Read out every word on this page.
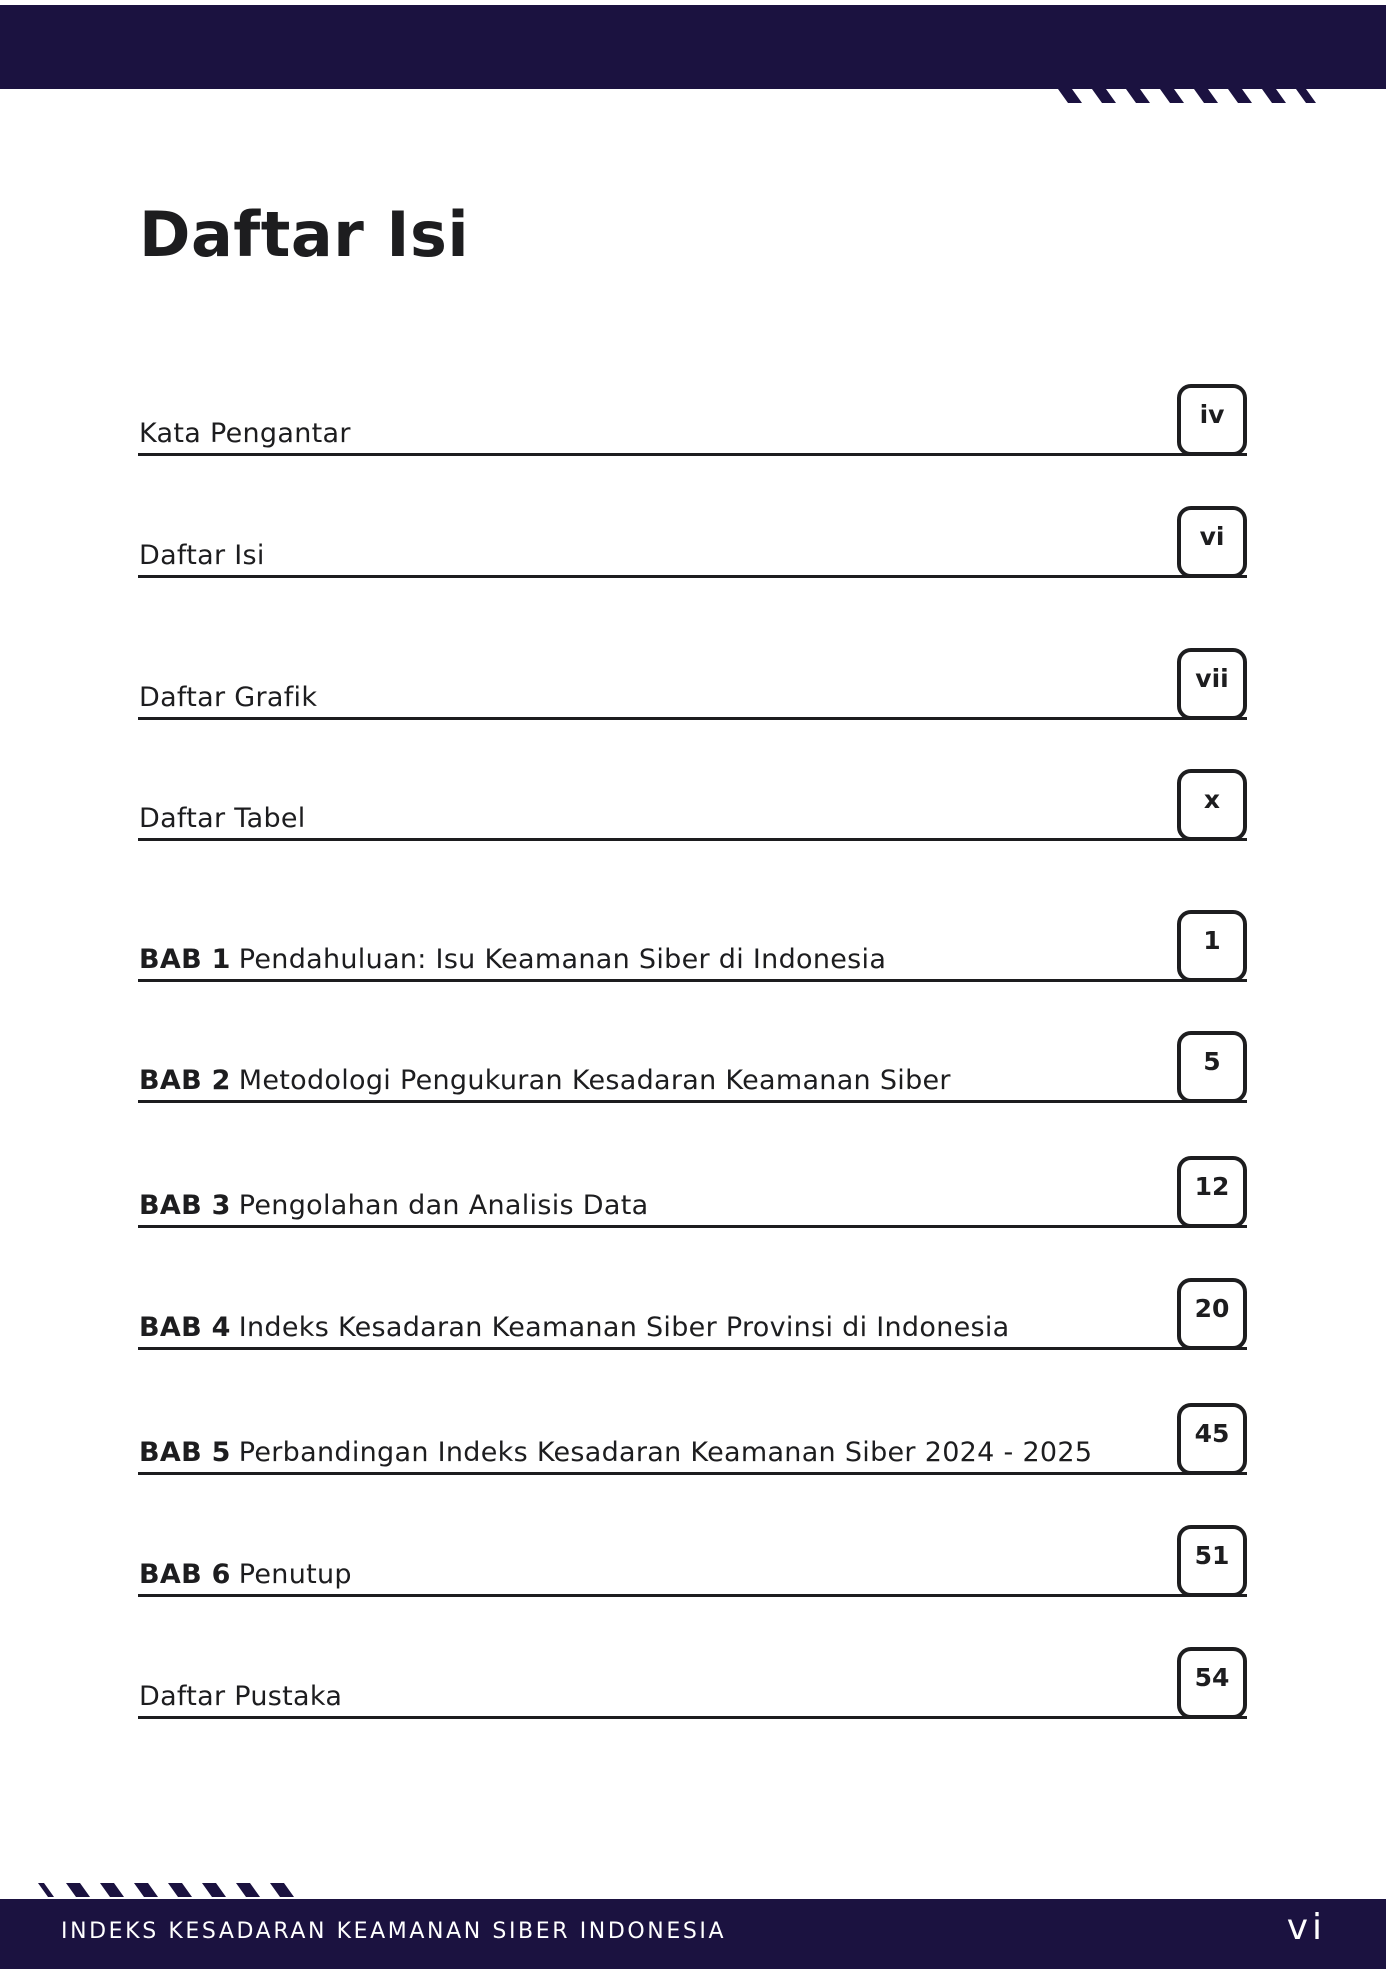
Daftar Isi
Kata Pengantar
iv
Daftar Isi
vi
Daftar Grafik
vii
Daftar Tabel
x
BAB 1 Pendahuluan: Isu Keamanan Siber di Indonesia
1
BAB 2 Metodologi Pengukuran Kesadaran Keamanan Siber
5
BAB 3 Pengolahan dan Analisis Data
12
BAB 4 Indeks Kesadaran Keamanan Siber Provinsi di Indonesia
20
BAB 5 Perbandingan Indeks Kesadaran Keamanan Siber 2024 - 2025
45
BAB 6 Penutup
51
Daftar Pustaka
54
INDEKS KESADARAN KEAMANAN SIBER INDONESIA	vi
